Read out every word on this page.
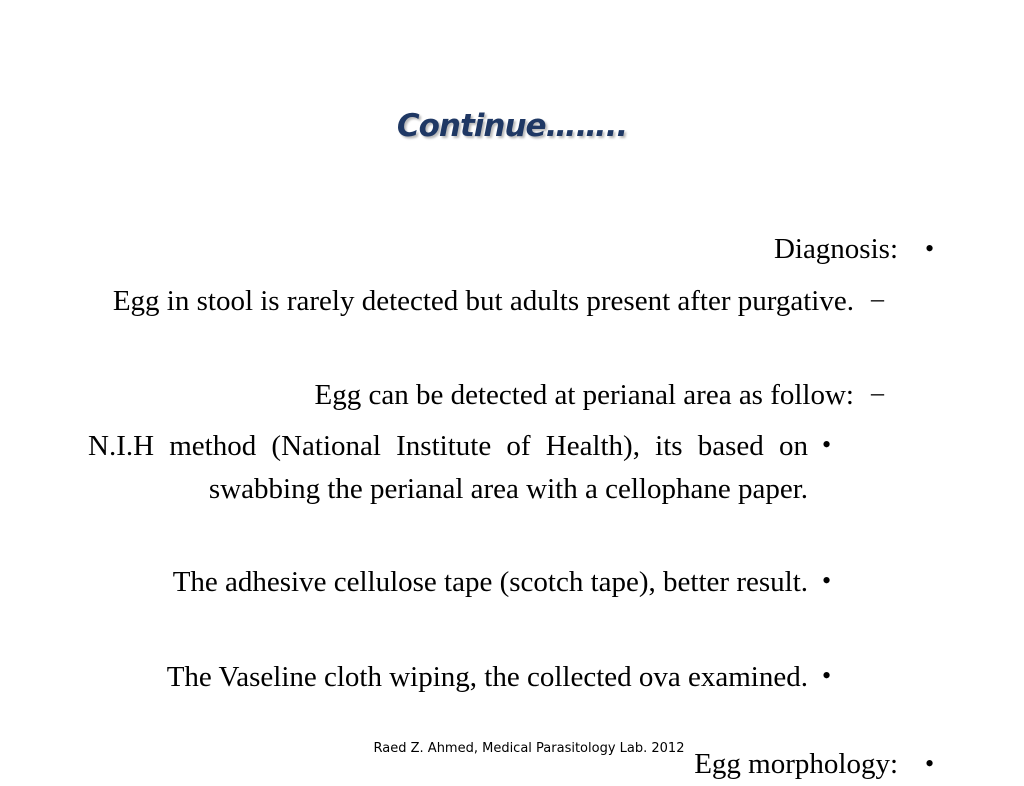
Continue……..
Diagnosis: •
Egg in stool is rarely detected but adults present after purgative. –
Egg can be detected at perianal area as follow: –
N.I.H method (National Institute of Health), its based on swabbing the perianal area with a cellophane paper.
•
The adhesive cellulose tape (scotch tape), better result. •
The Vaseline cloth wiping, the collected ova examined. •
Egg morphology: •
Raed Z. Ahmed, Medical Parasitology Lab. 2012
